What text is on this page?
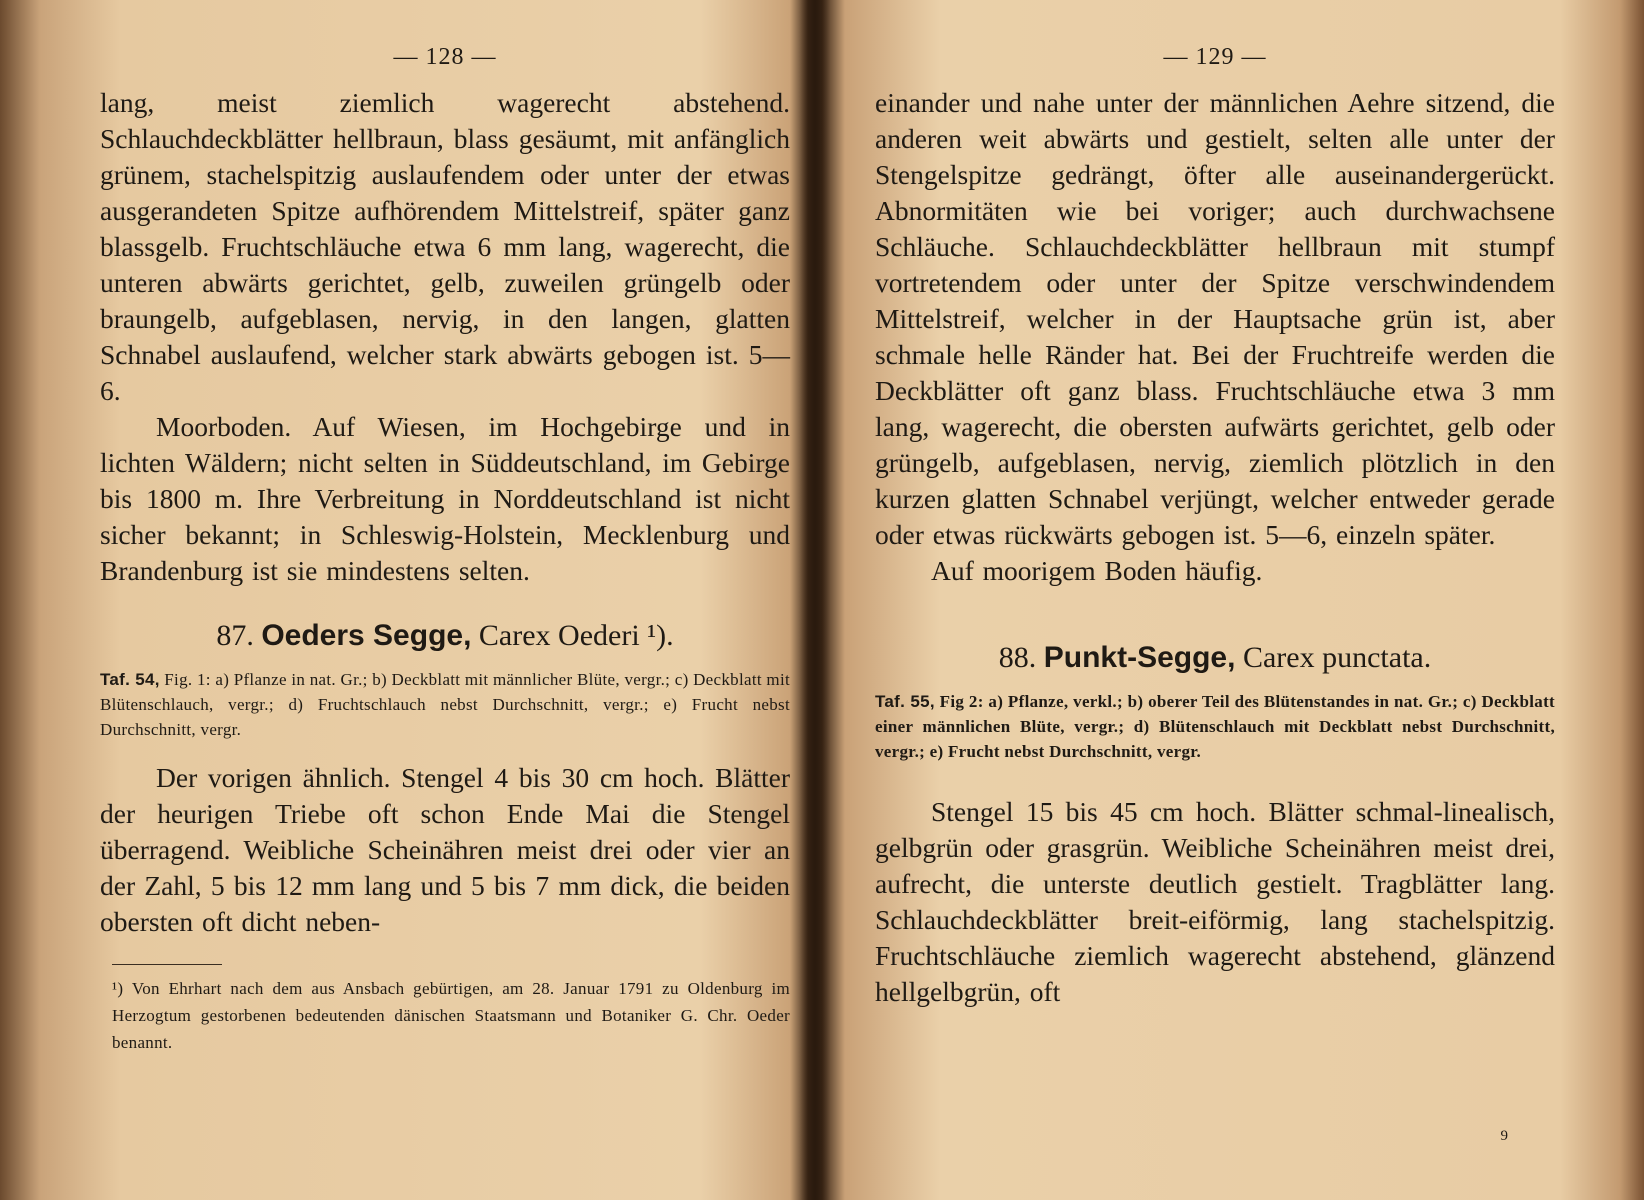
— 128 —

lang, meist ziemlich wagerecht abstehend. Schlauchdeckblätter hellbraun, blass gesäumt, mit anfänglich grünem, stachelspitzig auslaufendem oder unter der etwas ausgerandeten Spitze aufhörendem Mittelstreif, später ganz blassgelb. Fruchtschläuche etwa 6 mm lang, wagerecht, die unteren abwärts gerichtet, gelb, zuweilen grüngelb oder braungelb, aufgeblasen, nervig, in den langen, glatten Schnabel auslaufend, welcher stark abwärts gebogen ist. 5—6.

Moorboden. Auf Wiesen, im Hochgebirge und in lichten Wäldern; nicht selten in Süddeutschland, im Gebirge bis 1800 m. Ihre Verbreitung in Norddeutschland ist nicht sicher bekannt; in Schleswig-Holstein, Mecklenburg und Brandenburg ist sie mindestens selten.

87. Oeders Segge, Carex Oederi ¹).
Taf. 54, Fig. 1: a) Pflanze in nat. Gr.; b) Deckblatt mit männlicher Blüte, vergr.; c) Deckblatt mit Blütenschlauch, vergr.; d) Fruchtschlauch nebst Durchschnitt, vergr.; e) Frucht nebst Durchschnitt, vergr.

Der vorigen ähnlich. Stengel 4 bis 30 cm hoch. Blätter der heurigen Triebe oft schon Ende Mai die Stengel überragend. Weibliche Scheinähren meist drei oder vier an der Zahl, 5 bis 12 mm lang und 5 bis 7 mm dick, die beiden obersten oft dicht neben-

¹) Von Ehrhart nach dem aus Ansbach gebürtigen, am 28. Januar 1791 zu Oldenburg im Herzogtum gestorbenen bedeutenden dänischen Staatsmann und Botaniker G. Chr. Oeder benannt.
— 129 —

einander und nahe unter der männlichen Aehre sitzend, die anderen weit abwärts und gestielt, selten alle unter der Stengelspitze gedrängt, öfter alle auseinandergerückt. Abnormitäten wie bei voriger; auch durchwachsene Schläuche. Schlauchdeckblätter hellbraun mit stumpf vortretendem oder unter der Spitze verschwindendem Mittelstreif, welcher in der Hauptsache grün ist, aber schmale helle Ränder hat. Bei der Fruchtreife werden die Deckblätter oft ganz blass. Fruchtschläuche etwa 3 mm lang, wagerecht, die obersten aufwärts gerichtet, gelb oder grüngelb, aufgeblasen, nervig, ziemlich plötzlich in den kurzen glatten Schnabel verjüngt, welcher entweder gerade oder etwas rückwärts gebogen ist. 5—6, einzeln später.

Auf moorigem Boden häufig.

88. Punkt-Segge, Carex punctata.
Taf. 55, Fig 2: a) Pflanze, verkl.; b) oberer Teil des Blütenstandes in nat. Gr.; c) Deckblatt einer männlichen Blüte, vergr.; d) Blütenschlauch mit Deckblatt nebst Durchschnitt, vergr.; e) Frucht nebst Durchschnitt, vergr.

Stengel 15 bis 45 cm hoch. Blätter schmal-linealisch, gelbgrün oder grasgrün. Weibliche Scheinähren meist drei, aufrecht, die unterste deutlich gestielt. Tragblätter lang. Schlauchdeckblätter breit-eiförmig, lang stachelspitzig. Fruchtschläuche ziemlich wagerecht abstehend, glänzend hellgelbgrün, oft

9
